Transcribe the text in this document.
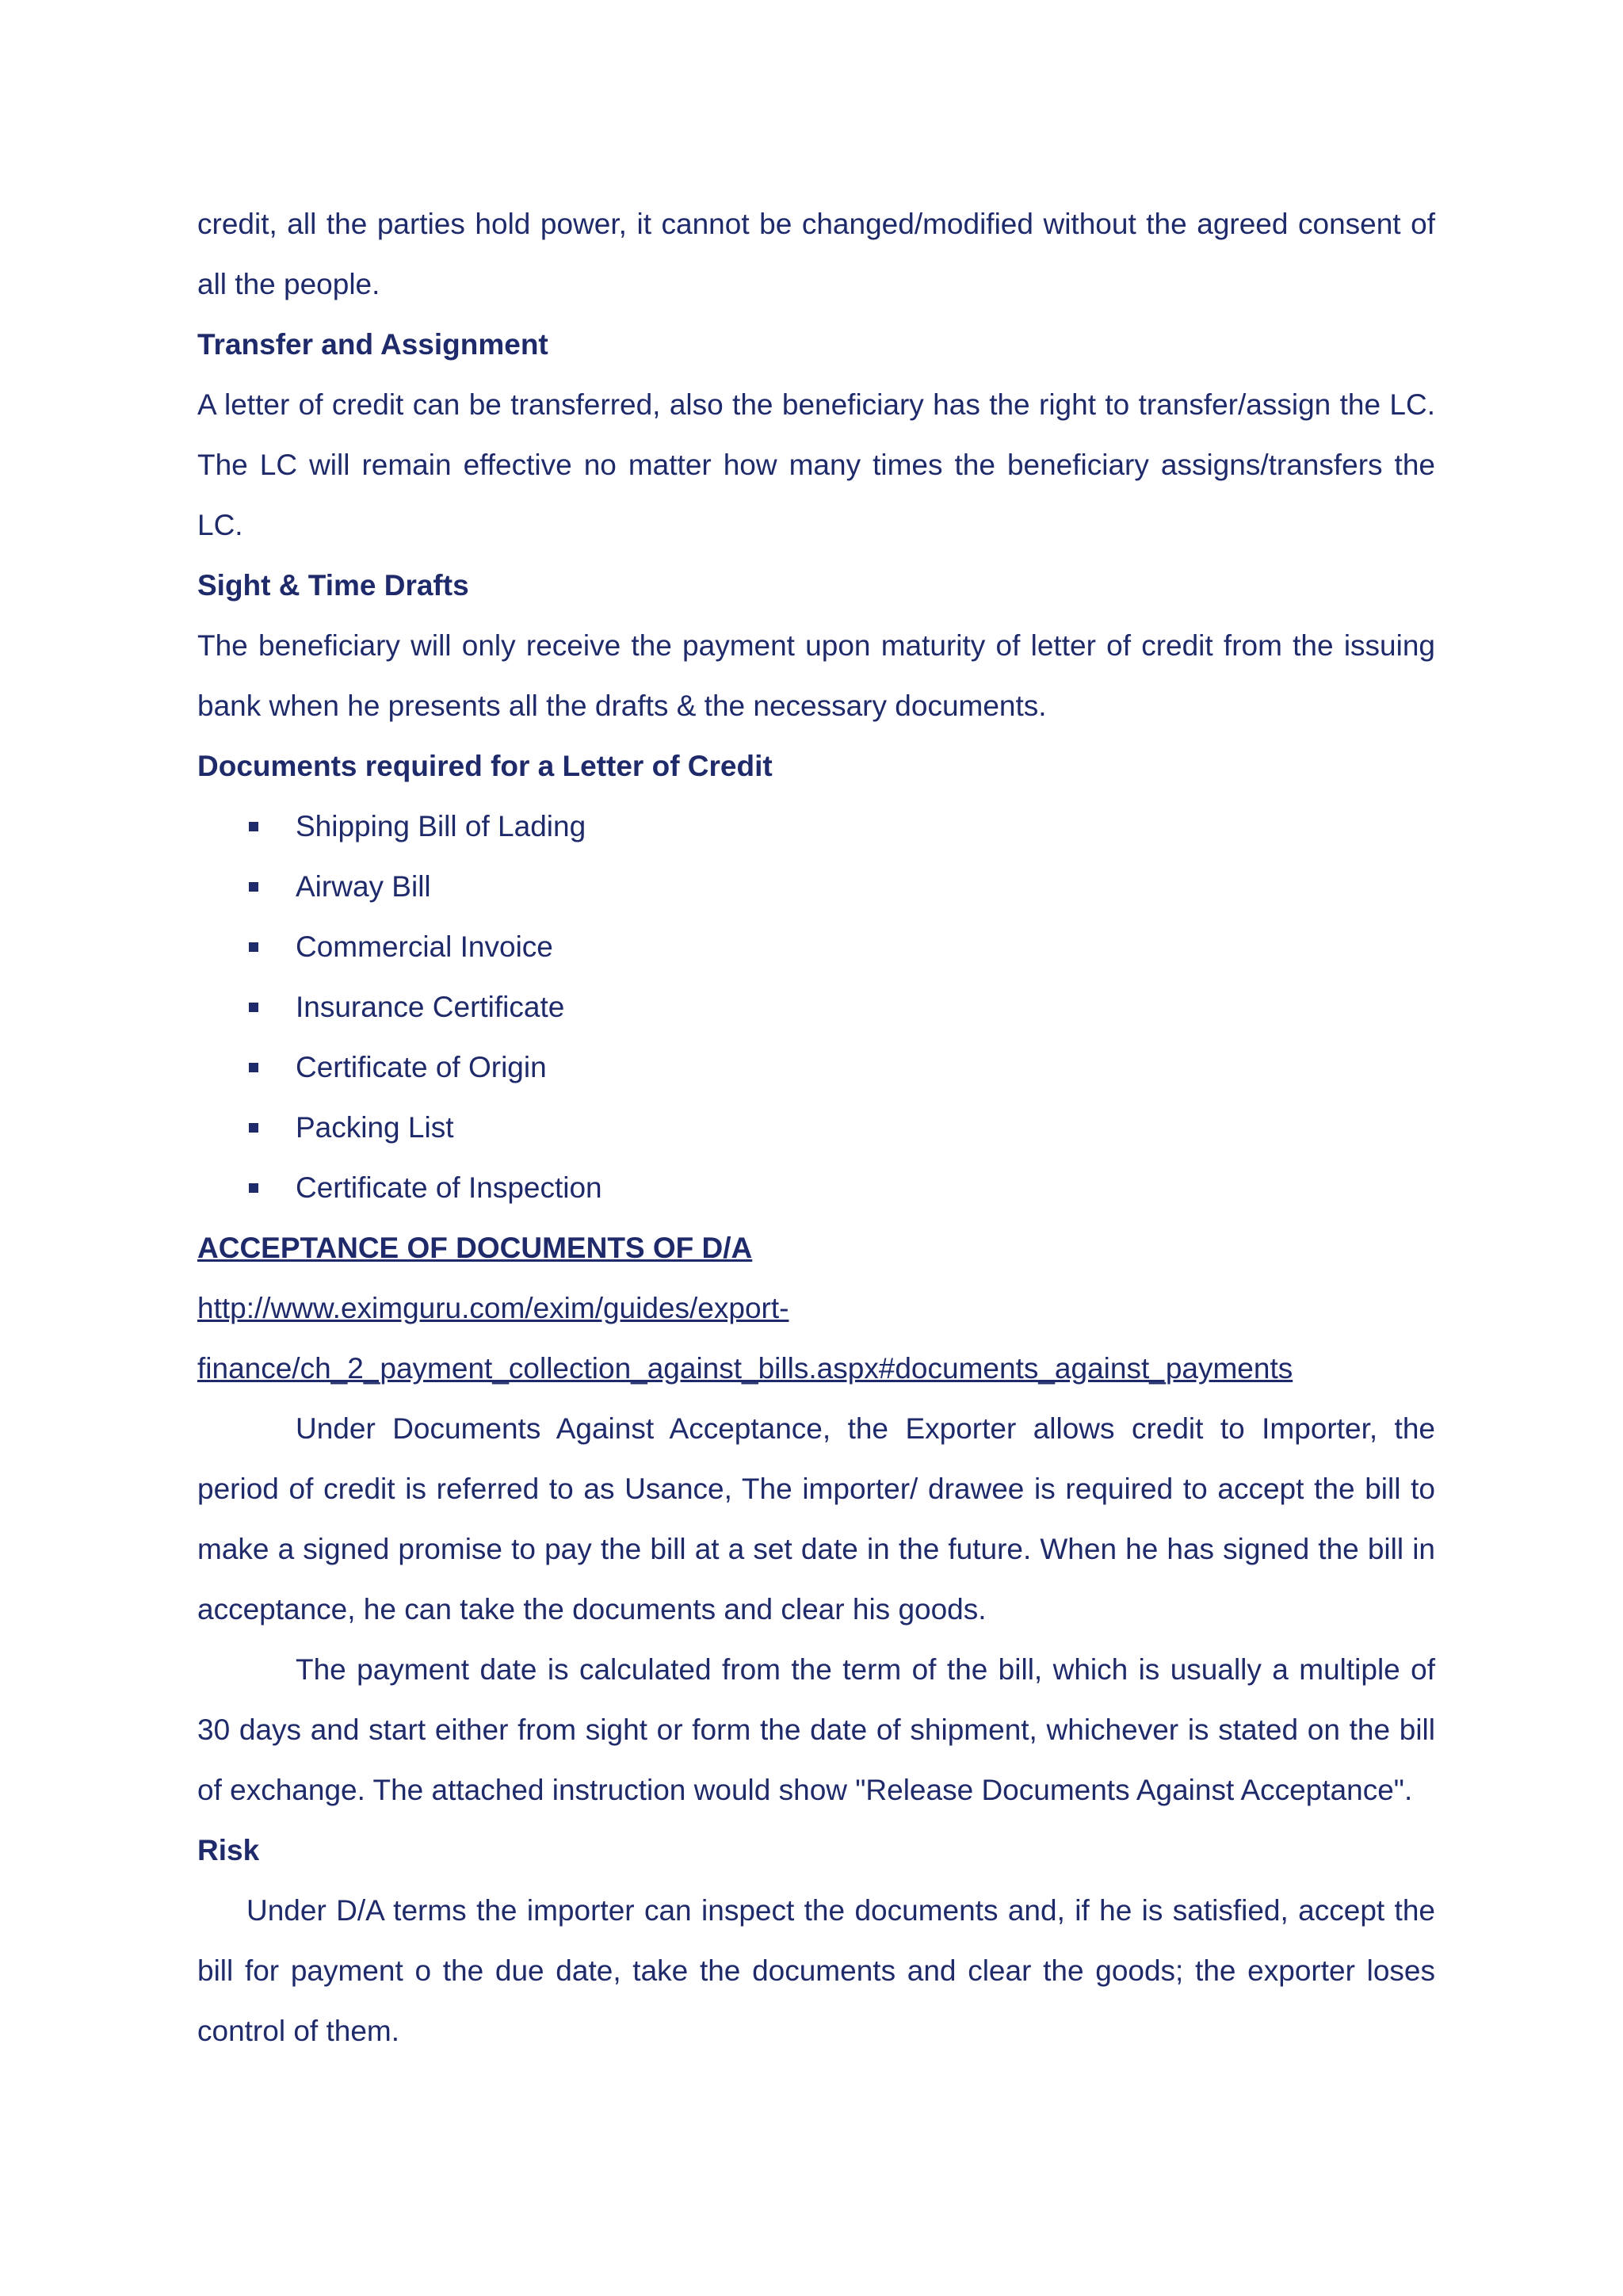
credit, all the parties hold power, it cannot be changed/modified without the agreed consent of all the people.

Transfer and Assignment

A letter of credit can be transferred, also the beneficiary has the right to transfer/assign the LC. The LC will remain effective no matter how many times the beneficiary assigns/transfers the LC.

Sight & Time Drafts

The beneficiary will only receive the payment upon maturity of letter of credit from the issuing bank when he presents all the drafts & the necessary documents.

Documents required for a Letter of Credit
Shipping Bill of Lading
Airway Bill
Commercial Invoice
Insurance Certificate
Certificate of Origin
Packing List
Certificate of Inspection
ACCEPTANCE OF DOCUMENTS OF D/A
http://www.eximguru.com/exim/guides/export-
finance/ch_2_payment_collection_against_bills.aspx#documents_against_payments

Under Documents Against Acceptance, the Exporter allows credit to Importer, the period of credit is referred to as Usance, The importer/ drawee is required to accept the bill to make a signed promise to pay the bill at a set date in the future. When he has signed the bill in acceptance, he can take the documents and clear his goods.

The payment date is calculated from the term of the bill, which is usually a multiple of 30 days and start either from sight or form the date of shipment, whichever is stated on the bill of exchange. The attached instruction would show "Release Documents Against Acceptance".

Risk

Under D/A terms the importer can inspect the documents and, if he is satisfied, accept the bill for payment o the due date, take the documents and clear the goods; the exporter loses control of them.
